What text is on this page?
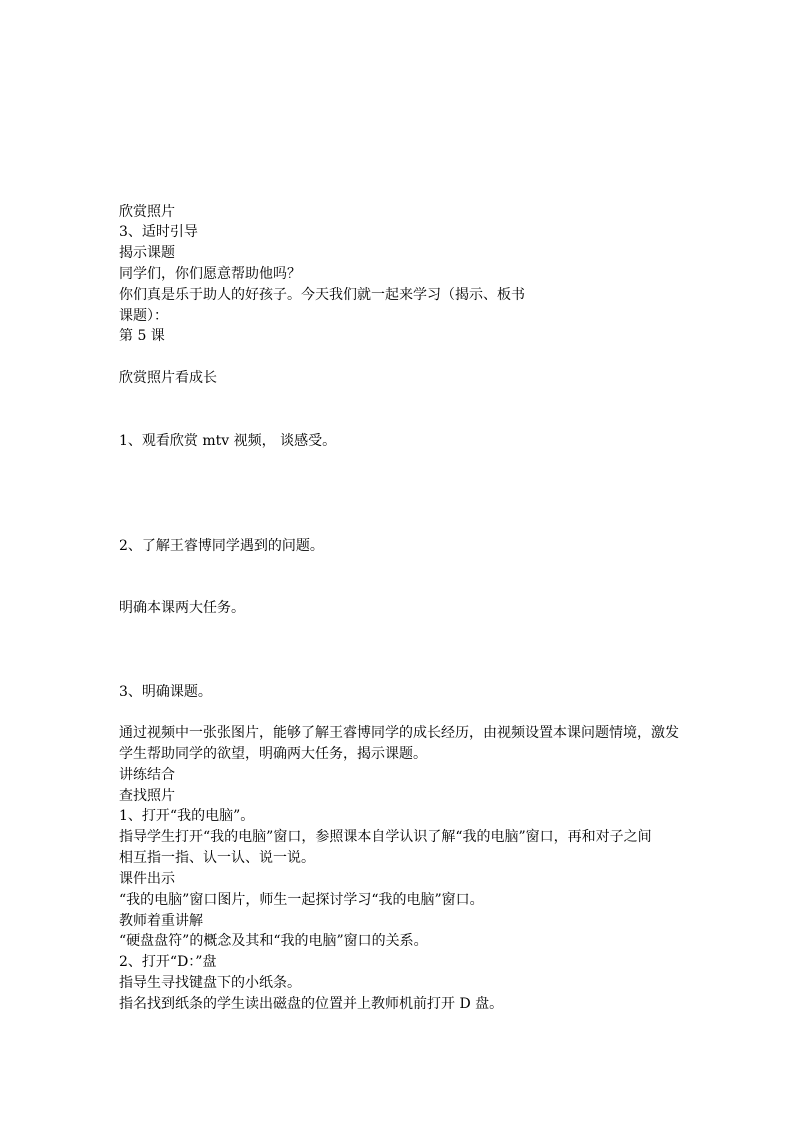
欣赏照片
3、适时引导
揭示课题
同学们，你们愿意帮助他吗？
你们真是乐于助人的好孩子。今天我们就一起来学习（揭示、板书
课题）：
第 5 课
欣赏照片看成长
1、观看欣赏 mtv 视频， 谈感受。
2、了解王睿博同学遇到的问题。
明确本课两大任务。
3、明确课题。
通过视频中一张张图片，能够了解王睿博同学的成长经历，由视频设置本课问题情境，激发
学生帮助同学的欲望，明确两大任务，揭示课题。
讲练结合
查找照片
1、打开“我的电脑”。
指导学生打开“我的电脑”窗口，参照课本自学认识了解“我的电脑”窗口，再和对子之间
相互指一指、认一认、说一说。
课件出示
“我的电脑”窗口图片，师生一起探讨学习“我的电脑”窗口。
教师着重讲解
“硬盘盘符”的概念及其和“我的电脑”窗口的关系。
2、打开“D：”盘
指导生寻找键盘下的小纸条。
指名找到纸条的学生读出磁盘的位置并上教师机前打开 D 盘。
